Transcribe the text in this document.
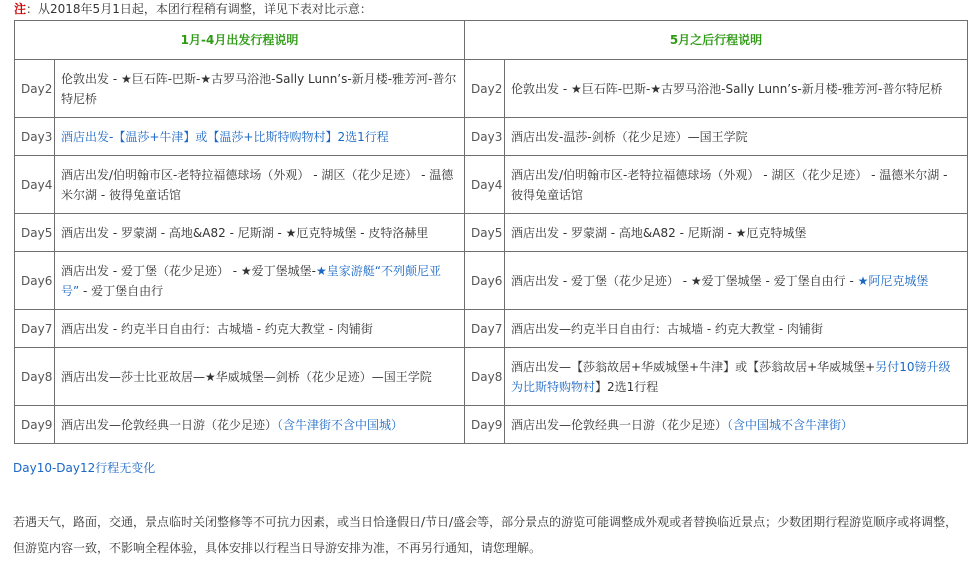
注：从2018年5月1日起，本团行程稍有调整，详见下表对比示意：
1月-4月出发行程说明		5月之后行程说明	
Day2	伦敦出发 - ★巨石阵-巴斯-★古罗马浴池-Sally Lunn’s-新月楼-雅芳河-普尔特尼桥	Day2	伦敦出发 - ★巨石阵-巴斯-★古罗马浴池-Sally Lunn’s-新月楼-雅芳河-普尔特尼桥
Day3	酒店出发-【温莎+牛津】或【温莎+比斯特购物村】2选1行程	Day3	酒店出发-温莎-剑桥（花少足迹）—国王学院
Day4	酒店出发/伯明翰市区-老特拉福德球场（外观） - 湖区（花少足迹） - 温德米尔湖 - 彼得兔童话馆	Day4	酒店出发/伯明翰市区-老特拉福德球场（外观） - 湖区（花少足迹） - 温德米尔湖 - 彼得兔童话馆
Day5	酒店出发 - 罗蒙湖 - 高地&A82 - 尼斯湖 - ★厄克特城堡 - 皮特洛赫里	Day5	酒店出发 - 罗蒙湖 - 高地&A82 - 尼斯湖 - ★厄克特城堡
Day6	酒店出发 - 爱丁堡（花少足迹） - ★爱丁堡城堡-★皇家游艇“不列颠尼亚号” - 爱丁堡自由行	Day6	酒店出发 - 爱丁堡（花少足迹） - ★爱丁堡城堡 - 爱丁堡自由行 - ★阿尼克城堡
Day7	酒店出发 - 约克半日自由行：古城墙 - 约克大教堂 - 肉铺街	Day7	酒店出发—约克半日自由行：古城墙 - 约克大教堂 - 肉铺街
Day8	酒店出发—莎士比亚故居—★华威城堡—剑桥（花少足迹）—国王学院	Day8	酒店出发—【莎翁故居+华威城堡+牛津】或【莎翁故居+华威城堡+另付10镑升级为比斯特购物村】2选1行程
Day9	酒店出发—伦敦经典一日游（花少足迹）（含牛津街不含中国城）	Day9	酒店出发—伦敦经典一日游（花少足迹）（含中国城不含牛津街）
Day10-Day12行程无变化
若遇天气，路面，交通，景点临时关闭整修等不可抗力因素，或当日恰逢假日/节日/盛会等，部分景点的游览可能调整成外观或者替换临近景点；少数团期行程游览顺序或将调整，但游览内容一致，不影响全程体验，具体安排以行程当日导游安排为准，不再另行通知，请您理解。
